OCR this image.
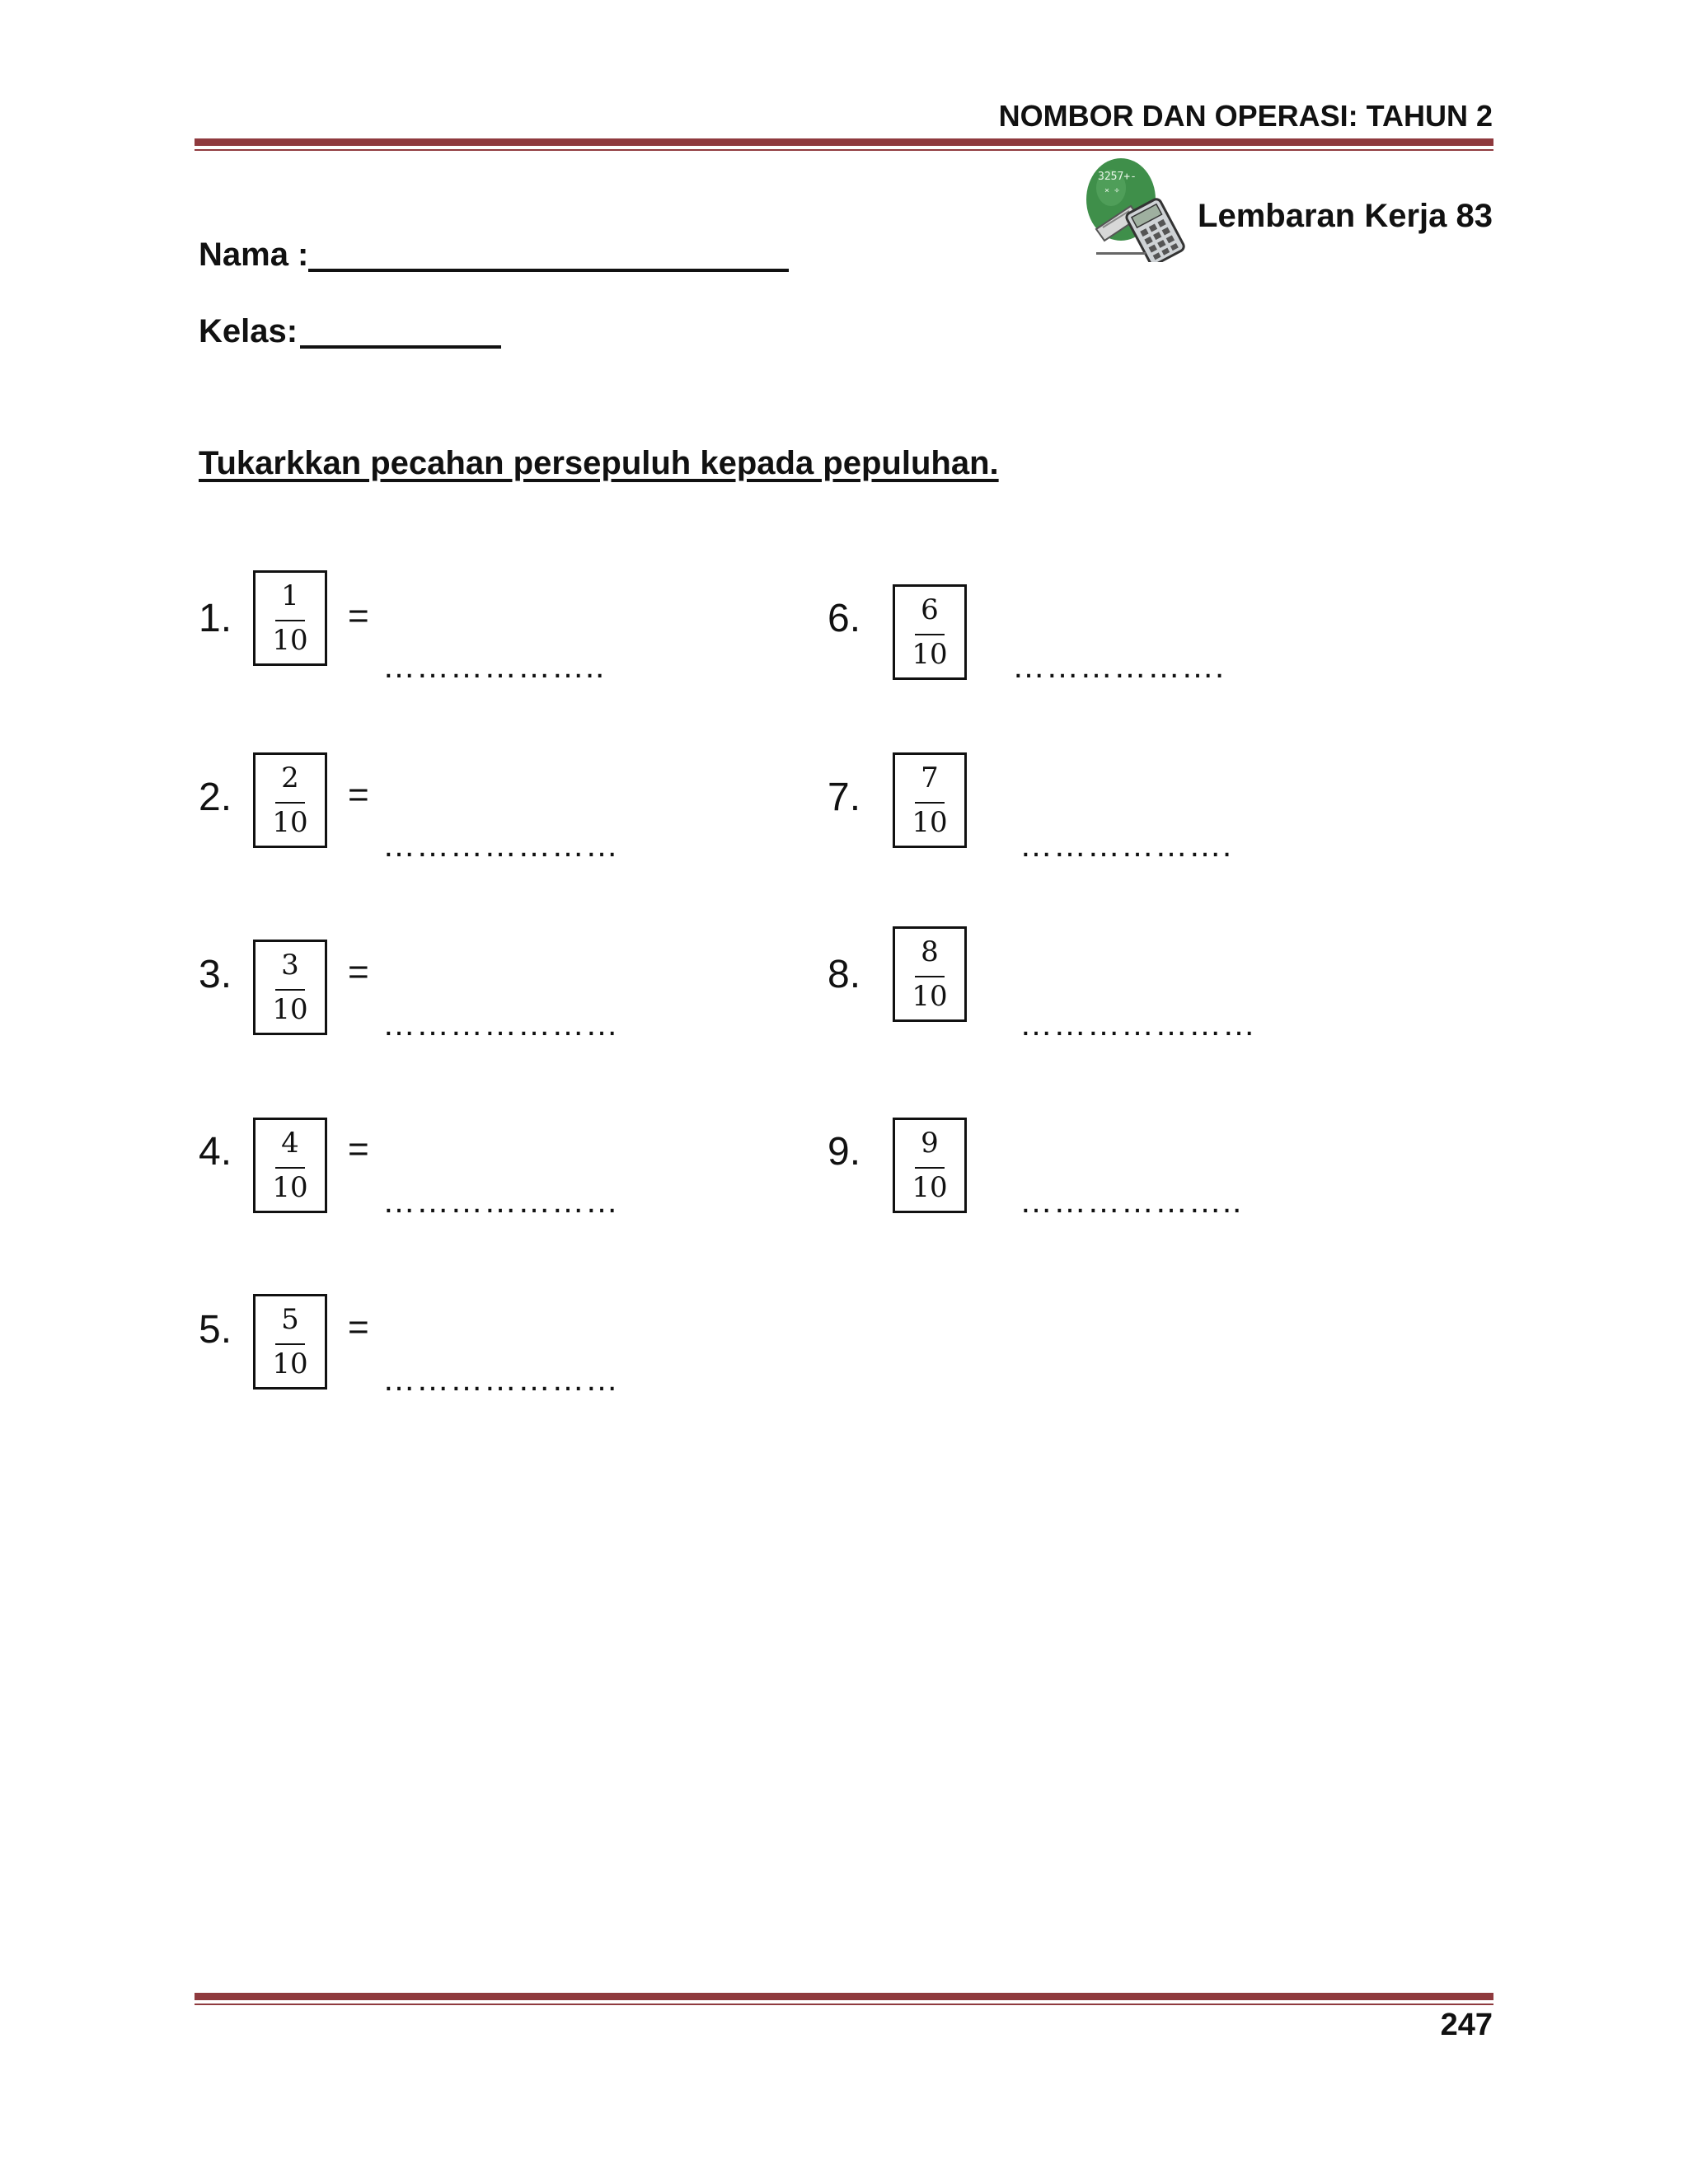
NOMBOR DAN OPERASI: TAHUN 2
3257+-
× ÷
Lembaran Kerja 83
Nama :
Kelas:
Tukarkkan pecahan persepuluh kepada pepuluhan.
1.
1
10
=
………………..
2.	2
10
=
…………………
3.	3
10
=
…………………
4.	4
10
=
…………………
5.	5
10
=
…………………
6.	6
10	……………….
7.	7
10
……………….
8.
8
10
…………………
9.	9
10	………………..
247
